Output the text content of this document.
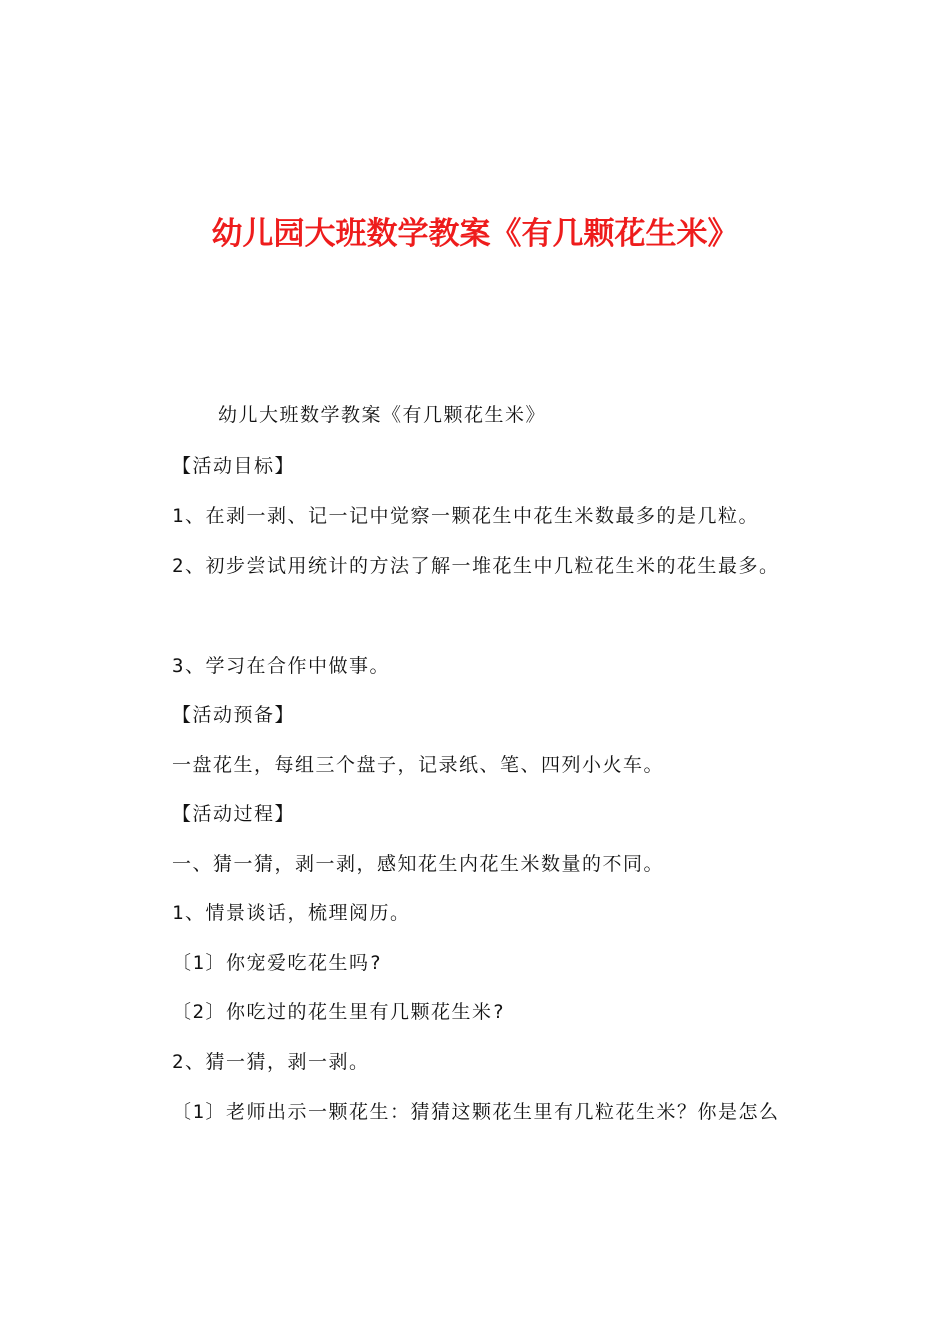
幼儿园大班数学教案《有几颗花生米》
幼儿大班数学教案《有几颗花生米》
【活动目标】
1、在剥一剥、记一记中觉察一颗花生中花生米数最多的是几粒。
2、初步尝试用统计的方法了解一堆花生中几粒花生米的花生最多。
3、学习在合作中做事。
【活动预备】
一盘花生，每组三个盘子，记录纸、笔、四列小火车。
【活动过程】
一、猜一猜，剥一剥，感知花生内花生米数量的不同。
1、情景谈话，梳理阅历。
〔1〕你宠爱吃花生吗?
〔2〕你吃过的花生里有几颗花生米?
2、猜一猜，剥一剥。
〔1〕老师出示一颗花生：猜猜这颗花生里有几粒花生米？你是怎么
